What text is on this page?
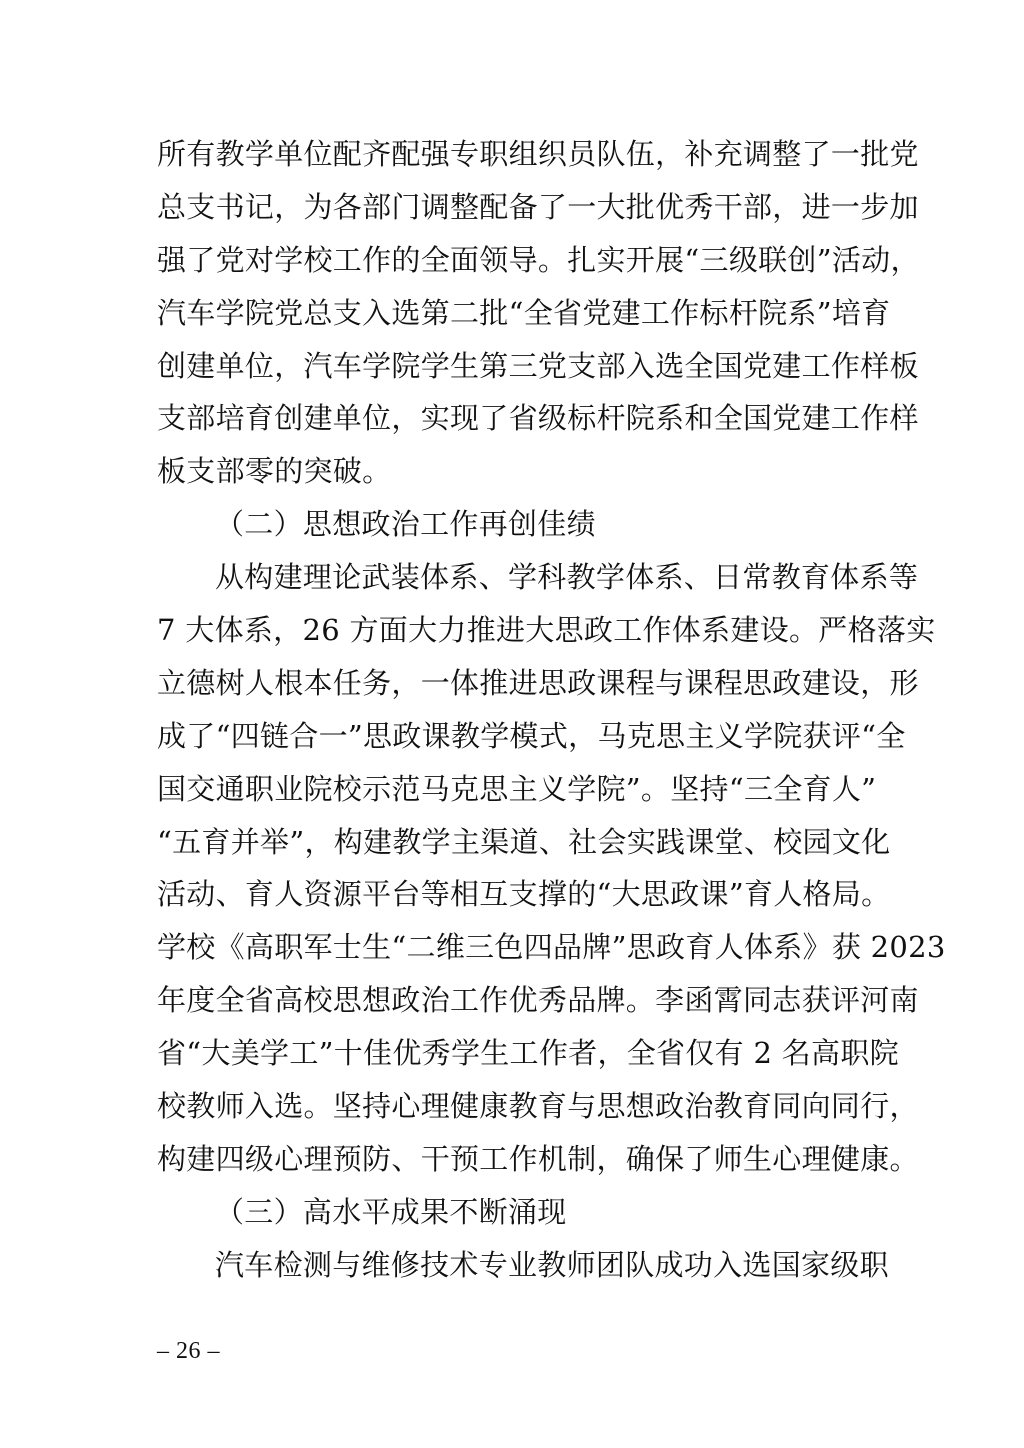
所有教学单位配齐配强专职组织员队伍，补充调整了一批党
总支书记，为各部门调整配备了一大批优秀干部，进一步加
强了党对学校工作的全面领导。扎实开展“三级联创”活动，
汽车学院党总支入选第二批“全省党建工作标杆院系”培育
创建单位，汽车学院学生第三党支部入选全国党建工作样板
支部培育创建单位，实现了省级标杆院系和全国党建工作样
板支部零的突破。
（二）思想政治工作再创佳绩
从构建理论武装体系、学科教学体系、日常教育体系等
7 大体系，26 方面大力推进大思政工作体系建设。严格落实
立德树人根本任务，一体推进思政课程与课程思政建设，形
成了“四链合一”思政课教学模式，马克思主义学院获评“全
国交通职业院校示范马克思主义学院”。坚持“三全育人”
“五育并举”，构建教学主渠道、社会实践课堂、校园文化
活动、育人资源平台等相互支撑的“大思政课”育人格局。
学校《高职军士生“二维三色四品牌”思政育人体系》获 2023
年度全省高校思想政治工作优秀品牌。李函霄同志获评河南
省“大美学工”十佳优秀学生工作者，全省仅有 2 名高职院
校教师入选。坚持心理健康教育与思想政治教育同向同行，
构建四级心理预防、干预工作机制，确保了师生心理健康。
（三）高水平成果不断涌现
汽车检测与维修技术专业教师团队成功入选国家级职
– 26 –
